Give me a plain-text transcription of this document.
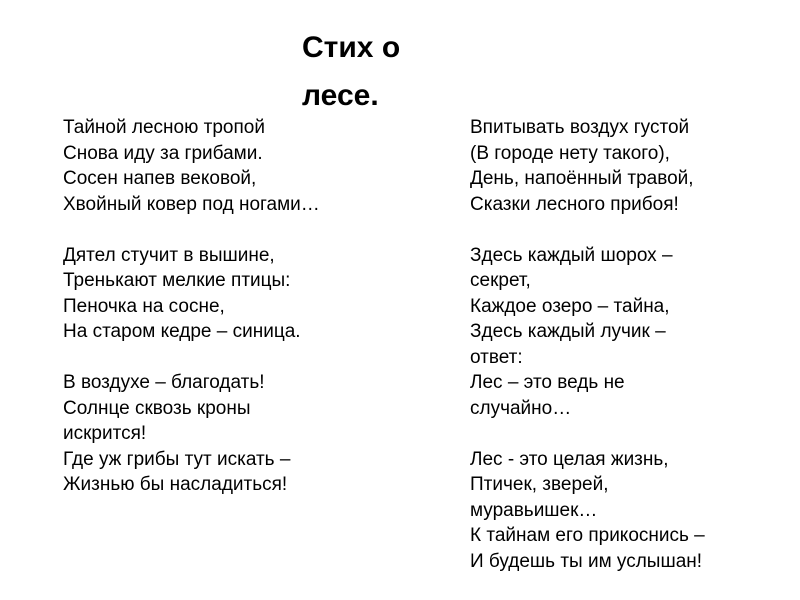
Стих о
лесе.
Тайной лесною тропой
Снова иду за грибами.
Сосен напев вековой,
Хвойный ковер под ногами…
Дятел стучит в вышине,
Тренькают мелкие птицы:
Пеночка на сосне,
На старом кедре – синица.
В воздухе – благодать!
Солнце сквозь кроны
искрится!
Где уж грибы тут искать –
Жизнью бы насладиться!
Впитывать воздух густой
(В городе нету такого),
День, напоённый травой,
Сказки лесного прибоя!
Здесь каждый шорох –
секрет,
Каждое озеро – тайна,
Здесь каждый лучик –
ответ:
Лес – это ведь не
случайно…
Лес - это целая жизнь,
Птичек, зверей,
муравьишек…
К тайнам его прикоснись –
И будешь ты им услышан!
